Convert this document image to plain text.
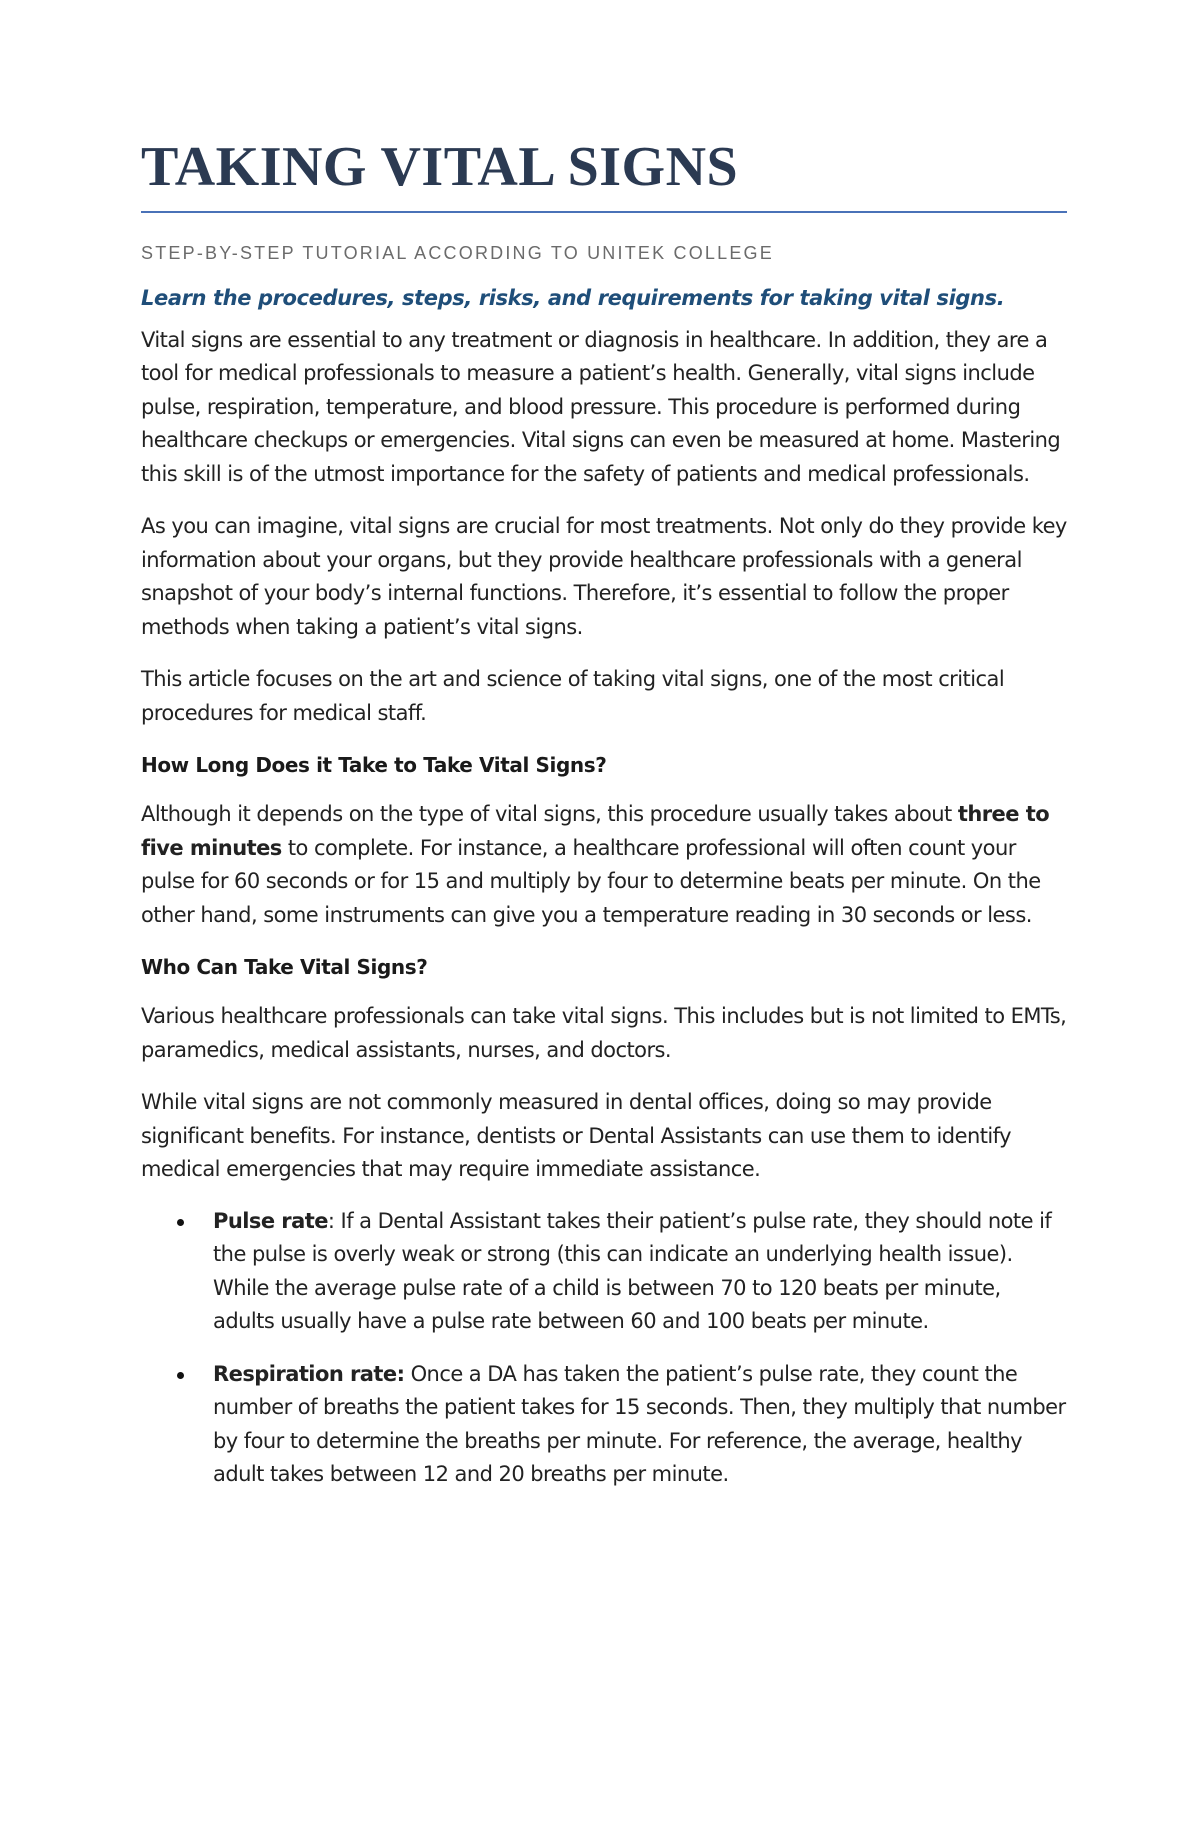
TAKING VITAL SIGNS
STEP-BY-STEP TUTORIAL ACCORDING TO UNITEK COLLEGE
Learn the procedures, steps, risks, and requirements for taking vital signs.

Vital signs are essential to any treatment or diagnosis in healthcare. In addition, they are a tool for medical professionals to measure a patient’s health. Generally, vital signs include pulse, respiration, temperature, and blood pressure. This procedure is performed during healthcare checkups or emergencies. Vital signs can even be measured at home. Mastering this skill is of the utmost importance for the safety of patients and medical professionals.

As you can imagine, vital signs are crucial for most treatments. Not only do they provide key information about your organs, but they provide healthcare professionals with a general snapshot of your body’s internal functions. Therefore, it’s essential to follow the proper methods when taking a patient’s vital signs.

This article focuses on the art and science of taking vital signs, one of the most critical procedures for medical staff.

How Long Does it Take to Take Vital Signs?

Although it depends on the type of vital signs, this procedure usually takes about three to five minutes to complete. For instance, a healthcare professional will often count your pulse for 60 seconds or for 15 and multiply by four to determine beats per minute. On the other hand, some instruments can give you a temperature reading in 30 seconds or less.

Who Can Take Vital Signs?

Various healthcare professionals can take vital signs. This includes but is not limited to EMTs, paramedics, medical assistants, nurses, and doctors.

While vital signs are not commonly measured in dental offices, doing so may provide significant benefits. For instance, dentists or Dental Assistants can use them to identify medical emergencies that may require immediate assistance.

Pulse rate: If a Dental Assistant takes their patient’s pulse rate, they should note if the pulse is overly weak or strong (this can indicate an underlying health issue). While the average pulse rate of a child is between 70 to 120 beats per minute, adults usually have a pulse rate between 60 and 100 beats per minute.
Respiration rate: Once a DA has taken the patient’s pulse rate, they count the number of breaths the patient takes for 15 seconds. Then, they multiply that number by four to determine the breaths per minute. For reference, the average, healthy adult takes between 12 and 20 breaths per minute.
